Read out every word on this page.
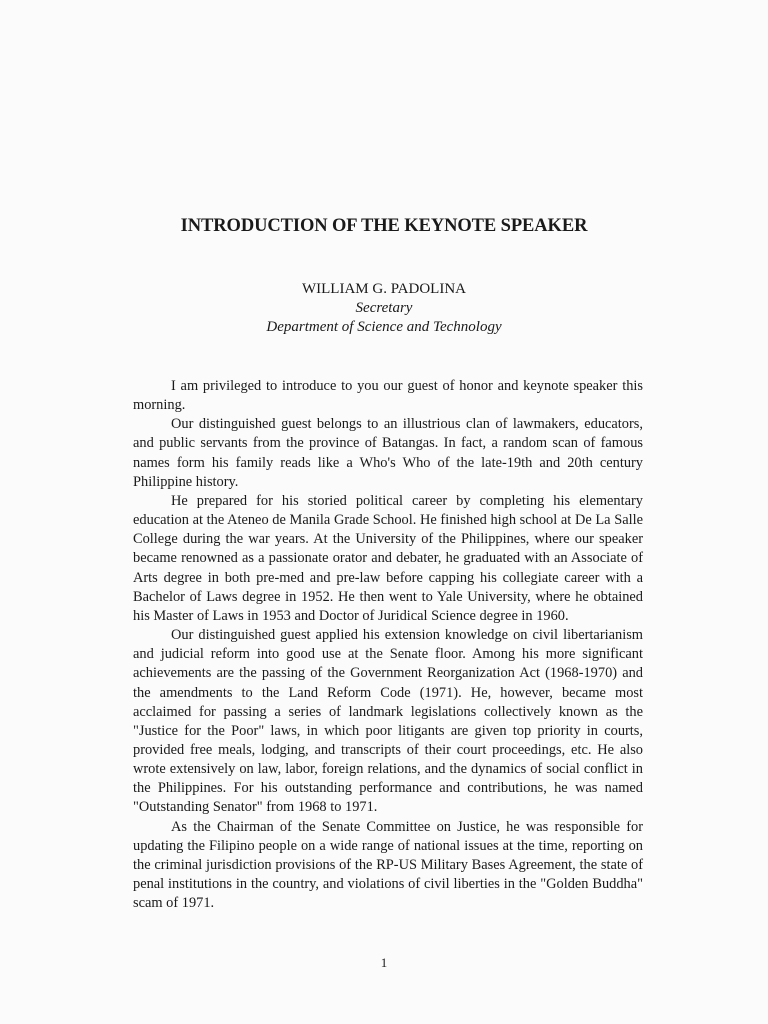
INTRODUCTION OF THE KEYNOTE SPEAKER
WILLIAM G. PADOLINA
Secretary
Department of Science and Technology

I am privileged to introduce to you our guest of honor and keynote speaker this morning.

Our distinguished guest belongs to an illustrious clan of lawmakers, educators, and public servants from the province of Batangas. In fact, a random scan of famous names form his family reads like a Who's Who of the late-19th and 20th century Philippine history.

He prepared for his storied political career by completing his elementary education at the Ateneo de Manila Grade School. He finished high school at De La Salle College during the war years. At the University of the Philippines, where our speaker became renowned as a passionate orator and debater, he graduated with an Associate of Arts degree in both pre-med and pre-law before capping his collegiate career with a Bachelor of Laws degree in 1952. He then went to Yale University, where he obtained his Master of Laws in 1953 and Doctor of Juridical Science degree in 1960.

Our distinguished guest applied his extension knowledge on civil libertarianism and judicial reform into good use at the Senate floor. Among his more significant achievements are the passing of the Government Reorganization Act (1968-1970) and the amendments to the Land Reform Code (1971). He, however, became most acclaimed for passing a series of landmark legislations collectively known as the "Justice for the Poor" laws, in which poor litigants are given top priority in courts, provided free meals, lodging, and transcripts of their court proceedings, etc. He also wrote extensively on law, labor, foreign relations, and the dynamics of social conflict in the Philippines. For his outstanding performance and contributions, he was named "Outstanding Senator" from 1968 to 1971.

As the Chairman of the Senate Committee on Justice, he was responsible for updating the Filipino people on a wide range of national issues at the time, reporting on the criminal jurisdiction provisions of the RP-US Military Bases Agreement, the state of penal institutions in the country, and violations of civil liberties in the "Golden Buddha" scam of 1971.

1
